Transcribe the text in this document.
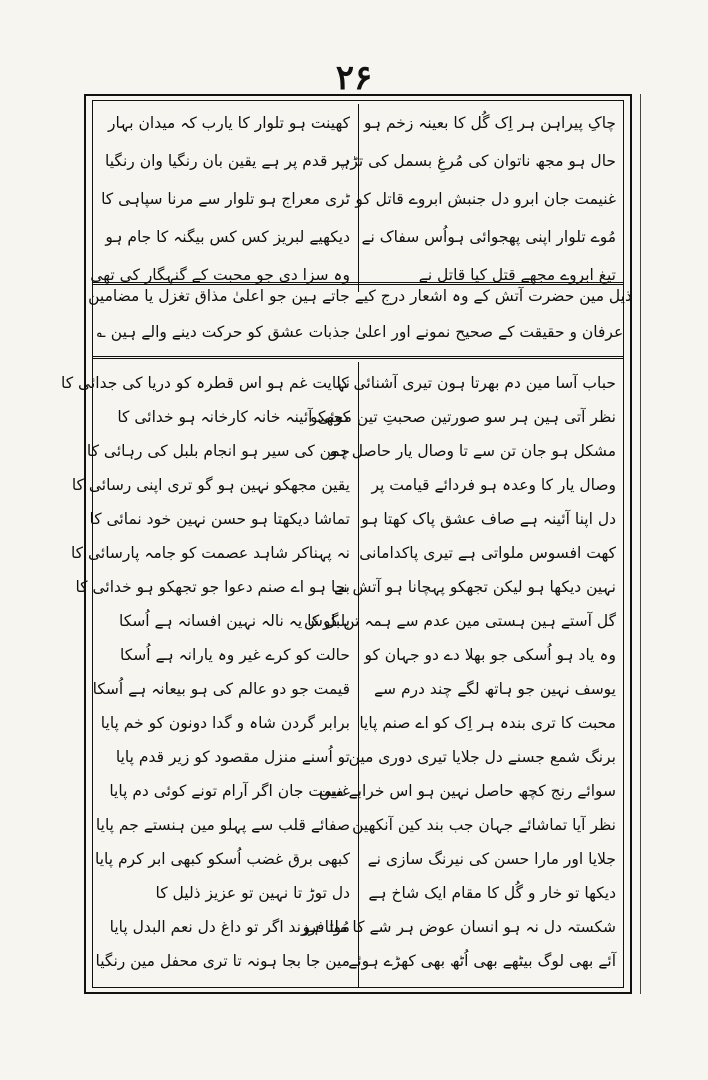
۲۶
چاکِ پیراہن ہر اِک گُل کا بعینہ زخم ہو
حال ہو مجھ ناتوان کی مُرغِ بسمل کی تڑپ
غنیمت جان ابرو دل جنبش ابروے قاتل کو
مُوے تلوار اپنی پھجوائی ہواُس سفاک نے
تیغ ابروے مجھے قتل کیا قاتل نے
کھینت ہو تلوار کا یارب کہ میدان بہار
ہر قدم پر ہے یقین بان رنگیا وان رنگیا
ٹری معراج ہو تلوار سے مرنا سپاہی کا
دیکھیے لبریز کس کس بیگنہ کا جام ہو
وہ سزا دی جو محبت کے گنہگار کی تھی
ذیل مین حضرت آتش کے وہ اشعار درج کیے جاتے ہین جو اعلیٰ مذاق تغزل یا مضامین
عرفان و حقیقت کے صحیح نمونے اور اعلیٰ جذبات عشق کو حرکت دینے والے ہین ؎
حباب آسا مین دم بھرتا ہون تیری آشنائی کا
نظر آتی ہین ہر سو صورتین صحبتِ تین مجھکو
مشکل ہو جان تن سے تا وصال یار حاصل ہو
وصال یار کا وعدہ ہو فردائے قیامت پر
دل اپنا آئینہ ہے صاف عشق پاک کھتا ہو
کھت افسوس ملواتی ہے تیری پاکدامانی
نہین دیکھا ہو لیکن تجھکو پہچانا ہو آتش نے
گل آستے ہین ہستی مین عدم سے ہمہ تن گوش
وہ یاد ہو اُسکی جو بھلا دے دو جہان کو
یوسف نہین جو ہاتھ لگے چند درم سے
محبت کا تری بندہ ہر اِک کو اے صنم پایا
برنگ شمع جسنے دل جلایا تیری دوری مین
سوائے رنج کچھ حاصل نہین ہو اس خرابے مین
نظر آیا تماشائے جہان جب بند کین آنکھین
جلایا اور مارا حسن کی نیرنگ سازی نے
دیکھا تو خار و گُل کا مقام ایک شاخ ہے
شکستہ دل نہ ہو انسان عوض ہر شے کا ملتا ہو
آئے بھی لوگ بیٹھے بھی اُٹھ بھی کھڑے ہوئے
نہایت غم ہو اس قطرہ کو دریا کی جدائی کا
کوئی آئینہ خانہ کارخانہ ہو خدائی کا
چمن کی سیر ہو انجام بلبل کی رہائی کا
یقین مجھکو نہین ہو گو تری اپنی رسائی کا
تماشا دیکھتا ہو حسن نہین خود نمائی کا
نہ پہناکر شاہد عصمت کو جامہ پارسائی کا
بجا ہو اے صنم دعوا جو تجھکو ہو خدائی کا
بلبل کا یہ نالہ نہین افسانہ ہے اُسکا
حالت کو کرے غیر وہ یارانہ ہے اُسکا
قیمت جو دو عالم کی ہو بیعانہ ہے اُسکا
برابر گردن شاہ و گدا دونون کو خم پایا
تو اُسنے منزل مقصود کو زیر قدم پایا
غنیمت جان اگر آرام تونے کوئی دم پایا
صفائے قلب سے پہلو مین ہنستے جم پایا
کبھی برق غضب اُسکو کبھی ابر کرم پایا
دل توڑ تا نہین تو عزیز ذلیل کا
مُوا فرزند اگر تو داغ دل نعم البدل پایا
مین جا بجا ہونہ تا تری محفل مین رنگیا
